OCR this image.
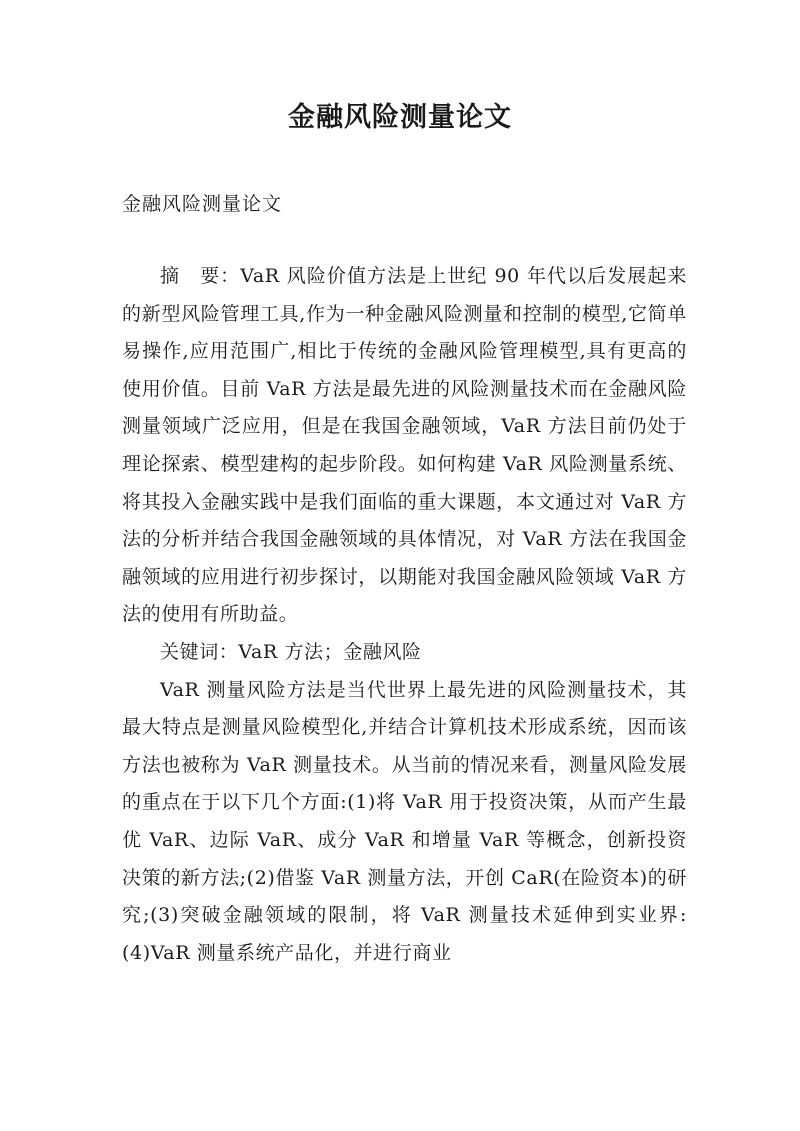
金融风险测量论文
金融风险测量论文

摘　要：VaR 风险价值方法是上世纪 90 年代以后发展起来的新型风险管理工具,作为一种金融风险测量和控制的模型,它简单易操作,应用范围广,相比于传统的金融风险管理模型,具有更高的使用价值。目前 VaR 方法是最先进的风险测量技术而在金融风险测量领域广泛应用，但是在我国金融领域，VaR 方法目前仍处于理论探索、模型建构的起步阶段。如何构建 VaR 风险测量系统、将其投入金融实践中是我们面临的重大课题，本文通过对 VaR 方法的分析并结合我国金融领域的具体情况，对 VaR 方法在我国金融领域的应用进行初步探讨，以期能对我国金融风险领域 VaR 方法的使用有所助益。

关键词：VaR 方法；金融风险

VaR 测量风险方法是当代世界上最先进的风险测量技术，其最大特点是测量风险模型化,并结合计算机技术形成系统，因而该方法也被称为 VaR 测量技术。从当前的情况来看，测量风险发展的重点在于以下几个方面:(1)将 VaR 用于投资决策，从而产生最优 VaR、边际 VaR、成分 VaR 和增量 VaR 等概念，创新投资决策的新方法;(2)借鉴 VaR 测量方法，开创 CaR(在险资本)的研究;(3)突破金融领域的限制，将 VaR 测量技术延伸到实业界:(4)VaR 测量系统产品化，并进行商业
